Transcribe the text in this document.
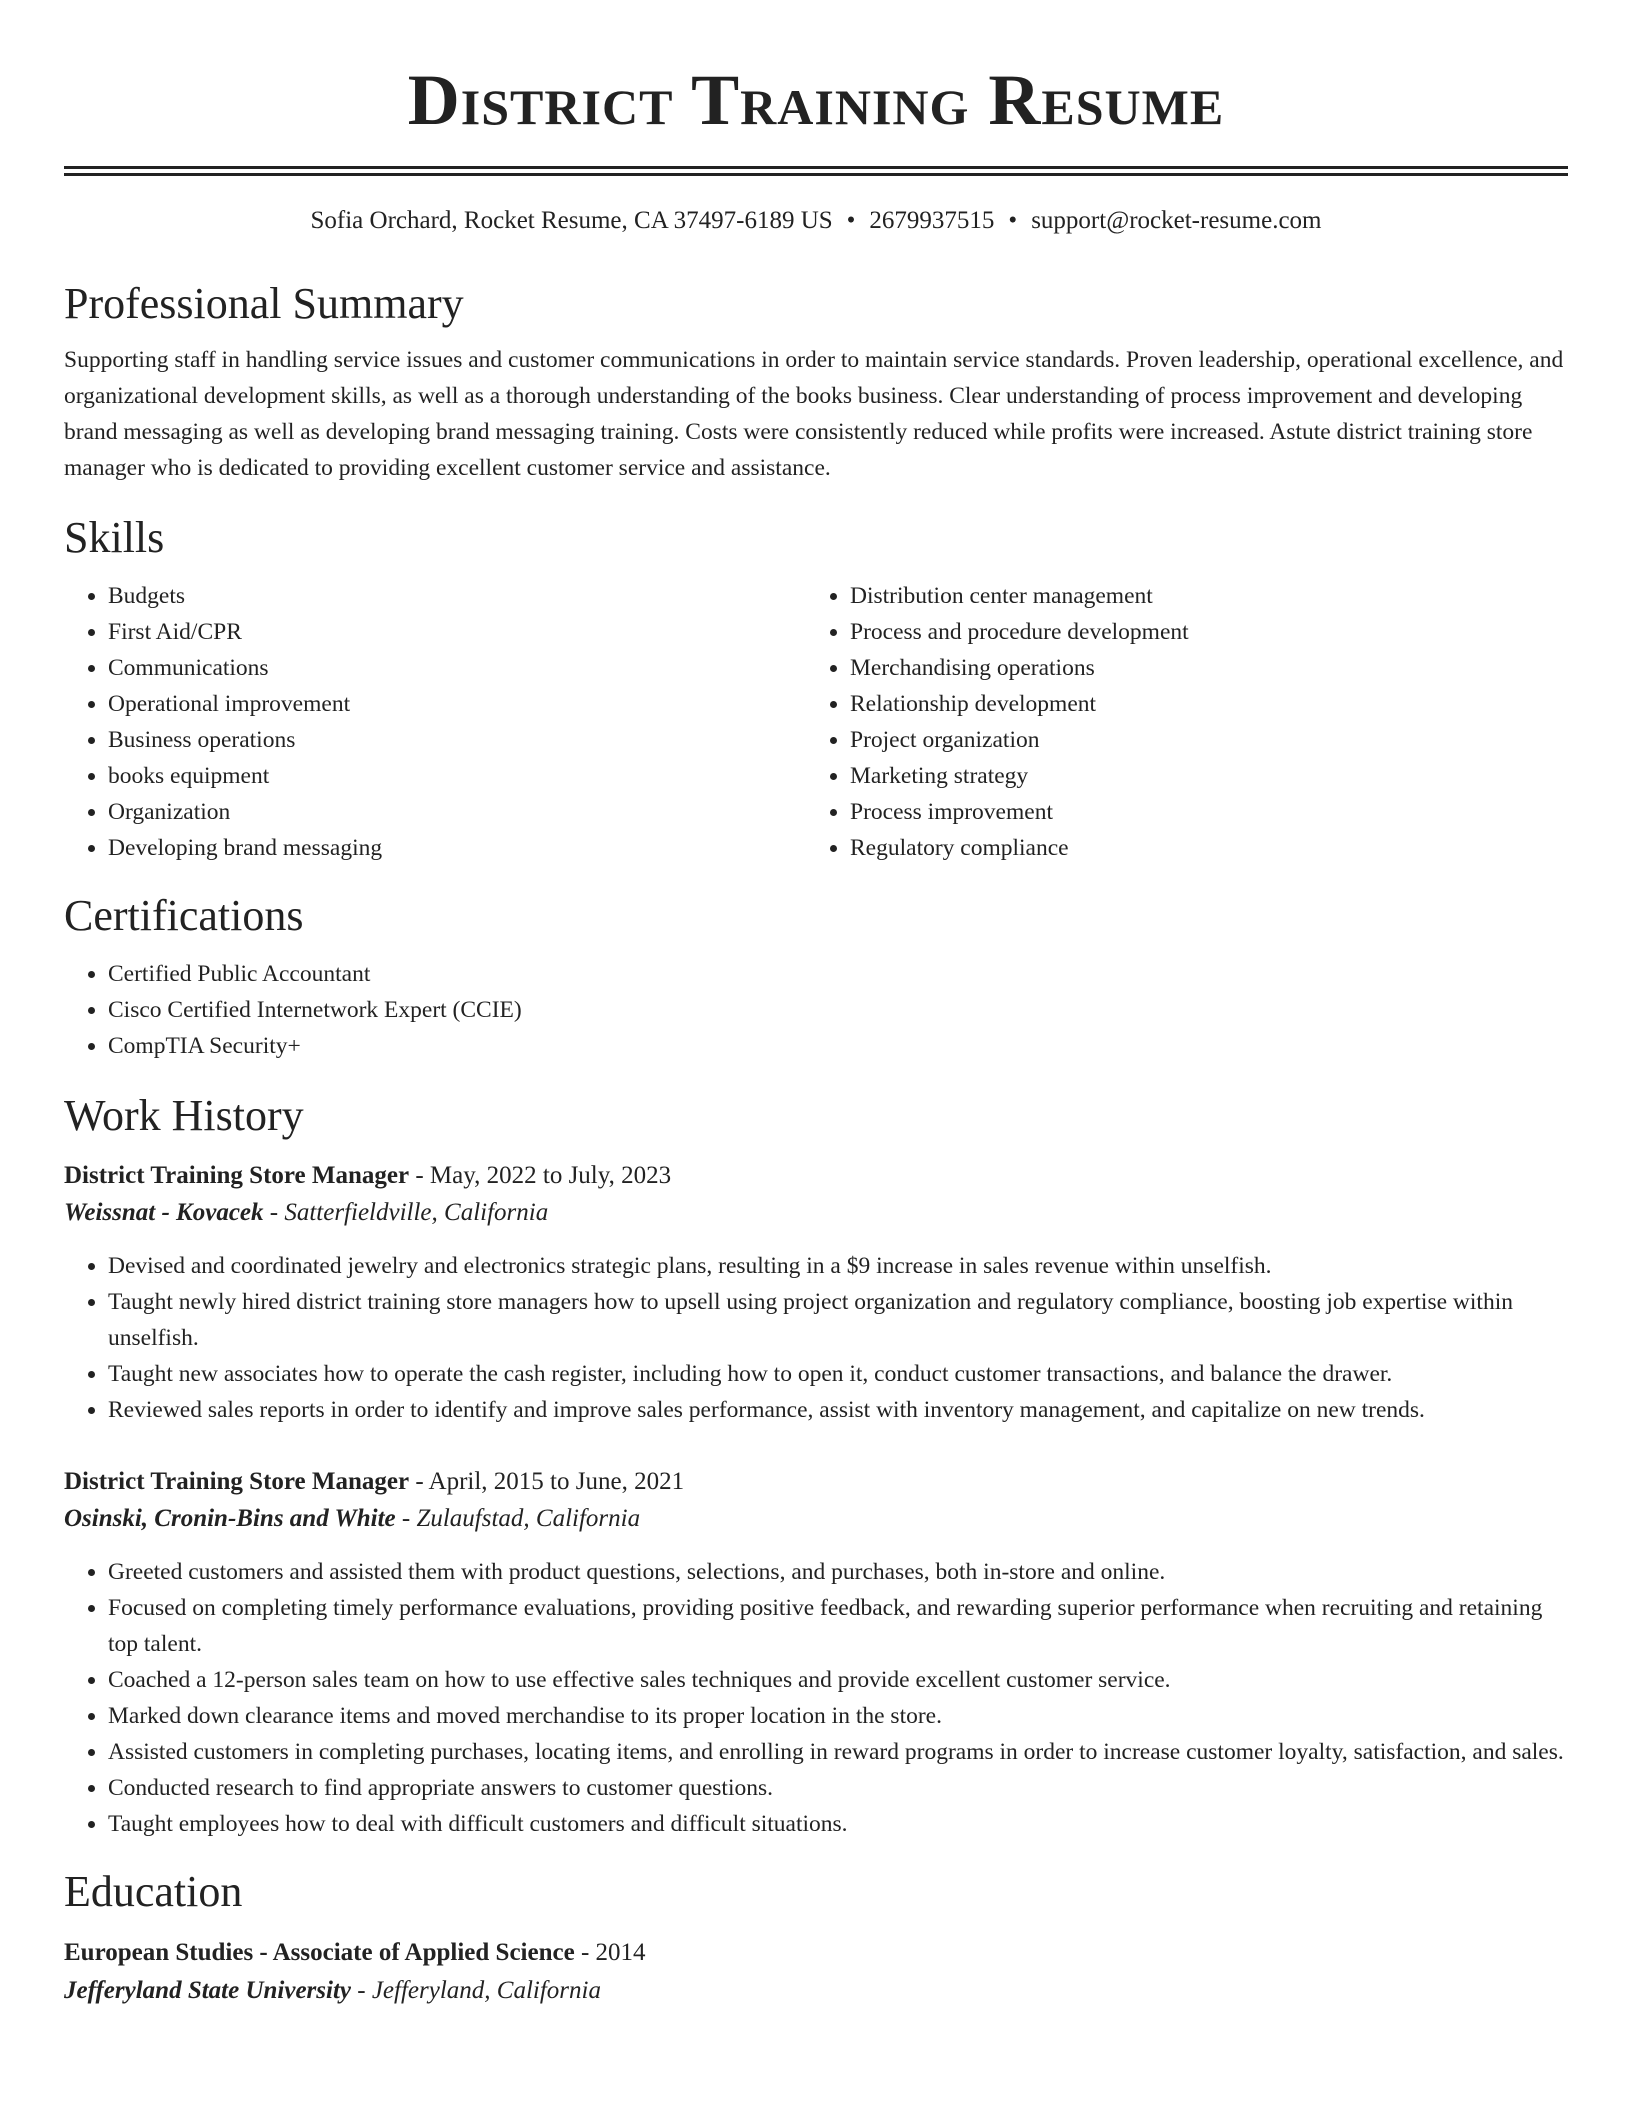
District Training Resume
Sofia Orchard, Rocket Resume, CA 37497-6189 US • 2679937515 • support@rocket-resume.com
Professional Summary

Supporting staff in handling service issues and customer communications in order to maintain service standards. Proven leadership, operational excellence, and organizational development skills, as well as a thorough understanding of the books business. Clear understanding of process improvement and developing brand messaging as well as developing brand messaging training. Costs were consistently reduced while profits were increased. Astute district training store manager who is dedicated to providing excellent customer service and assistance.

Skills
• Budgets
• First Aid/CPR
• Communications
• Operational improvement
• Business operations
• books equipment
• Organization
• Developing brand messaging
• Distribution center management
• Process and procedure development
• Merchandising operations
• Relationship development
• Project organization
• Marketing strategy
• Process improvement
• Regulatory compliance
Certifications
• Certified Public Accountant
• Cisco Certified Internetwork Expert (CCIE)
• CompTIA Security+
Work History
District Training Store Manager - May, 2022 to July, 2023
Weissnat - Kovacek - Satterfieldville, California
• Devised and coordinated jewelry and electronics strategic plans, resulting in a $9 increase in sales revenue within unselfish.
• Taught newly hired district training store managers how to upsell using project organization and regulatory compliance, boosting job expertise within unselfish.
• Taught new associates how to operate the cash register, including how to open it, conduct customer transactions, and balance the drawer.
• Reviewed sales reports in order to identify and improve sales performance, assist with inventory management, and capitalize on new trends.
District Training Store Manager - April, 2015 to June, 2021
Osinski, Cronin-Bins and White - Zulaufstad, California
• Greeted customers and assisted them with product questions, selections, and purchases, both in-store and online.
• Focused on completing timely performance evaluations, providing positive feedback, and rewarding superior performance when recruiting and retaining top talent.
• Coached a 12-person sales team on how to use effective sales techniques and provide excellent customer service.
• Marked down clearance items and moved merchandise to its proper location in the store.
• Assisted customers in completing purchases, locating items, and enrolling in reward programs in order to increase customer loyalty, satisfaction, and sales.
• Conducted research to find appropriate answers to customer questions.
• Taught employees how to deal with difficult customers and difficult situations.
Education
European Studies - Associate of Applied Science - 2014
Jefferyland State University - Jefferyland, California
